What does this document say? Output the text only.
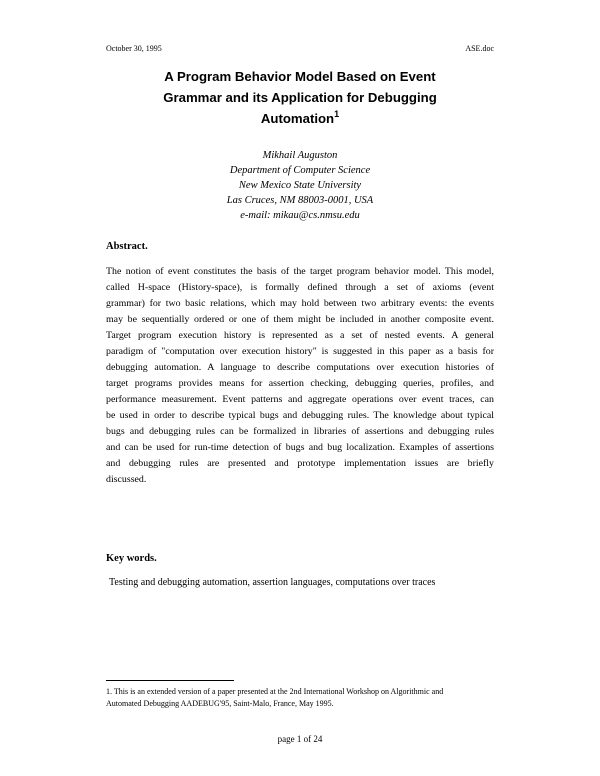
October 30, 1995	ASE.doc
A Program Behavior Model Based on Event
Grammar and its Application for Debugging
Automation$^1$
Mikhail Auguston
Department of Computer Science
New Mexico State University
Las Cruces, NM 88003-0001, USA
e-mail: mikau@cs.nmsu.edu
Abstract.
The notion of event constitutes the basis of the target program behavior model. This model,
called H-space (History-space), is formally defined through a set of axioms (event
grammar) for two basic relations, which may hold between two arbitrary events: the events
may be sequentially ordered or one of them might be included in another composite event.
Target program execution history is represented as a set of nested events. A general
paradigm of "computation over execution history" is suggested in this paper as a basis for
debugging automation. A language to describe computations over execution histories of
target programs provides means for assertion checking, debugging queries, profiles, and
performance measurement. Event patterns and aggregate operations over event traces, can
be used in order to describe typical bugs and debugging rules. The knowledge about typical
bugs and debugging rules can be formalized in libraries of assertions and debugging rules
and can be used for run-time detection of bugs and bug localization. Examples of assertions
and debugging rules are presented and prototype implementation issues are briefly
discussed.
Key words.
Testing and debugging automation, assertion languages, computations over traces
1. This is an extended version of a paper presented at the 2nd International Workshop on Algorithmic and
Automated Debugging AADEBUG'95, Saint-Malo, France, May 1995.
page 1 of 24
